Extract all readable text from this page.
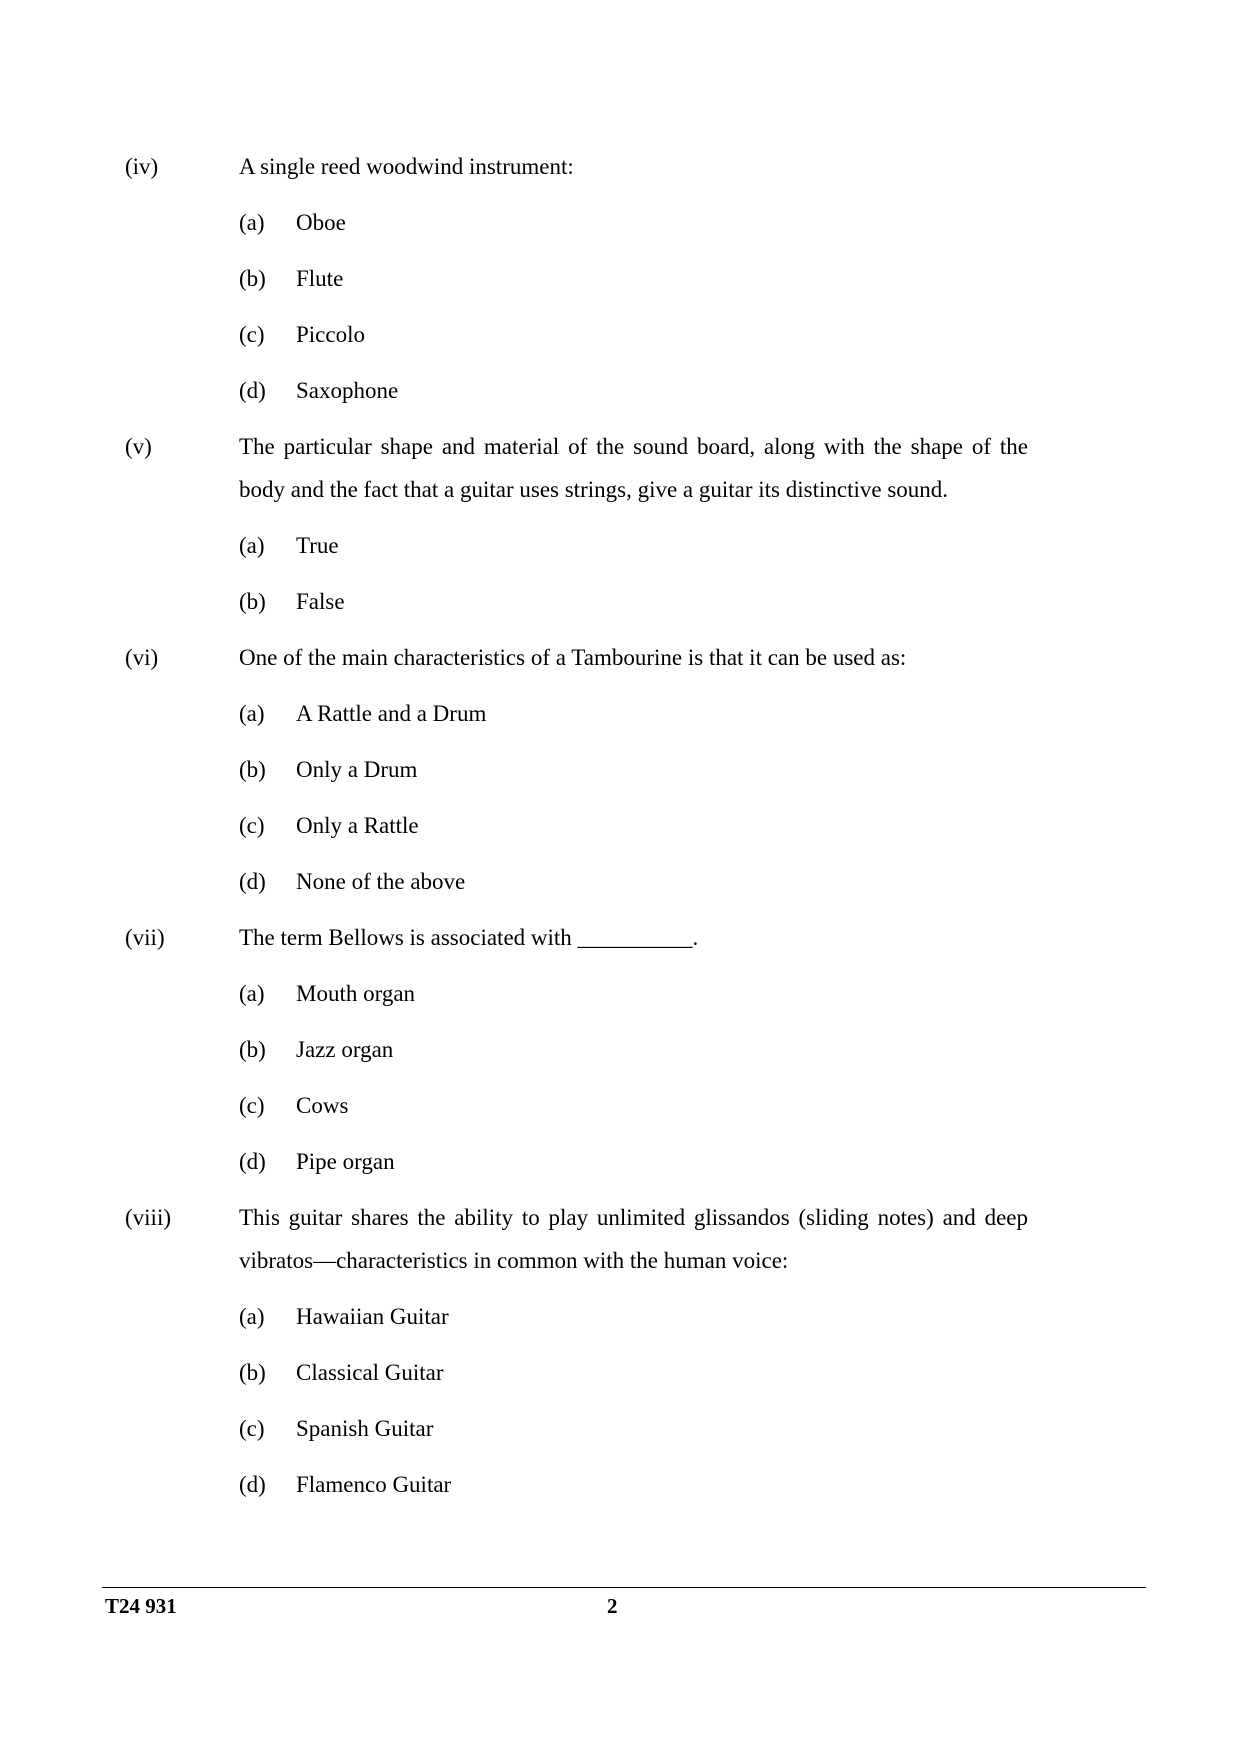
(iv)	A single reed woodwind instrument:
(a) Oboe
(b) Flute
(c) Piccolo
(d) Saxophone
(v)	The particular shape and material of the sound board, along with the shape of the body and the fact that a guitar uses strings, give a guitar its distinctive sound.
(a) True
(b) False
(vi)	One of the main characteristics of a Tambourine is that it can be used as:
(a) A Rattle and a Drum
(b) Only a Drum
(c) Only a Rattle
(d) None of the above
(vii)	The term Bellows is associated with __________.
(a) Mouth organ
(b) Jazz organ
(c) Cows
(d) Pipe organ
(viii)	This guitar shares the ability to play unlimited glissandos (sliding notes) and deep vibratos—characteristics in common with the human voice:
(a) Hawaiian Guitar
(b) Classical Guitar
(c) Spanish Guitar
(d) Flamenco Guitar
T24 931	2
